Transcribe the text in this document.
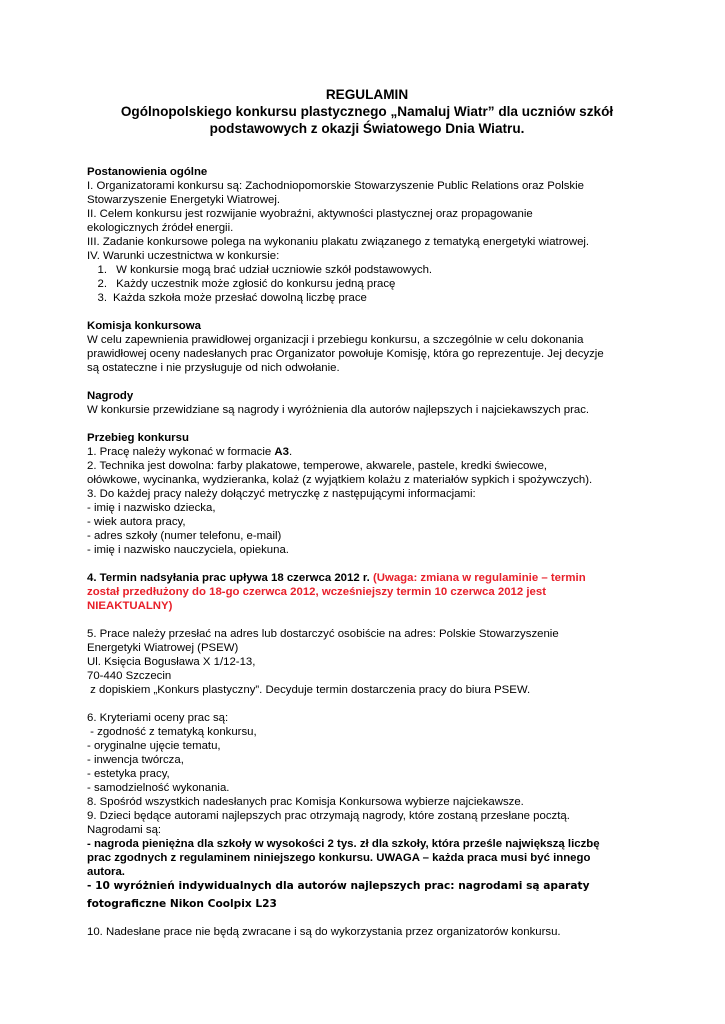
REGULAMIN
Ogólnopolskiego konkursu plastycznego „Namaluj Wiatr” dla uczniów szkół
podstawowych z okazji Światowego Dnia Wiatru.
Postanowienia ogólne
I. Organizatorami konkursu są: Zachodniopomorskie Stowarzyszenie Public Relations oraz Polskie
Stowarzyszenie Energetyki Wiatrowej.
II. Celem konkursu jest rozwijanie wyobraźni, aktywności plastycznej oraz propagowanie
ekologicznych źródeł energii.
III. Zadanie konkursowe polega na wykonaniu plakatu związanego z tematyką energetyki wiatrowej.
IV. Warunki uczestnictwa w konkursie:
1. W konkursie mogą brać udział uczniowie szkół podstawowych.
2. Każdy uczestnik może zgłosić do konkursu jedną pracę
3. Każda szkoła może przesłać dowolną liczbę prace
Komisja konkursowa
W celu zapewnienia prawidłowej organizacji i przebiegu konkursu, a szczególnie w celu dokonania
prawidłowej oceny nadesłanych prac Organizator powołuje Komisję, która go reprezentuje. Jej decyzje
są ostateczne i nie przysługuje od nich odwołanie.
Nagrody
W konkursie przewidziane są nagrody i wyróżnienia dla autorów najlepszych i najciekawszych prac.
Przebieg konkursu
1. Pracę należy wykonać w formacie A3.
2. Technika jest dowolna: farby plakatowe, temperowe, akwarele, pastele, kredki świecowe,
ołówkowe, wycinanka, wydzieranka, kolaż (z wyjątkiem kolażu z materiałów sypkich i spożywczych).
3. Do każdej pracy należy dołączyć metryczkę z następującymi informacjami:
- imię i nazwisko dziecka,
- wiek autora pracy,
- adres szkoły (numer telefonu, e-mail)
- imię i nazwisko nauczyciela, opiekuna.
4. Termin nadsyłania prac upływa 18 czerwca 2012 r. (Uwaga: zmiana w regulaminie – termin
został przedłużony do 18-go czerwca 2012, wcześniejszy termin 10 czerwca 2012 jest
NIEAKTUALNY)
5. Prace należy przesłać na adres lub dostarczyć osobiście na adres: Polskie Stowarzyszenie
Energetyki Wiatrowej (PSEW)
Ul. Księcia Bogusława X 1/12-13,
70-440 Szczecin
z dopiskiem „Konkurs plastyczny”. Decyduje termin dostarczenia pracy do biura PSEW.
6. Kryteriami oceny prac są:
- zgodność z tematyką konkursu,
- oryginalne ujęcie tematu,
- inwencja twórcza,
- estetyka pracy,
- samodzielność wykonania.
8. Spośród wszystkich nadesłanych prac Komisja Konkursowa wybierze najciekawsze.
9. Dzieci będące autorami najlepszych prac otrzymają nagrody, które zostaną przesłane pocztą.
Nagrodami są:
- nagroda pieniężna dla szkoły w wysokości 2 tys. zł dla szkoły, która prześle największą liczbę
prac zgodnych z regulaminem niniejszego konkursu. UWAGA – każda praca musi być innego
autora.
- 10 wyróżnień indywidualnych dla autorów najlepszych prac: nagrodami są aparaty
fotograficzne Nikon Coolpix L23
10. Nadesłane prace nie będą zwracane i są do wykorzystania przez organizatorów konkursu.
